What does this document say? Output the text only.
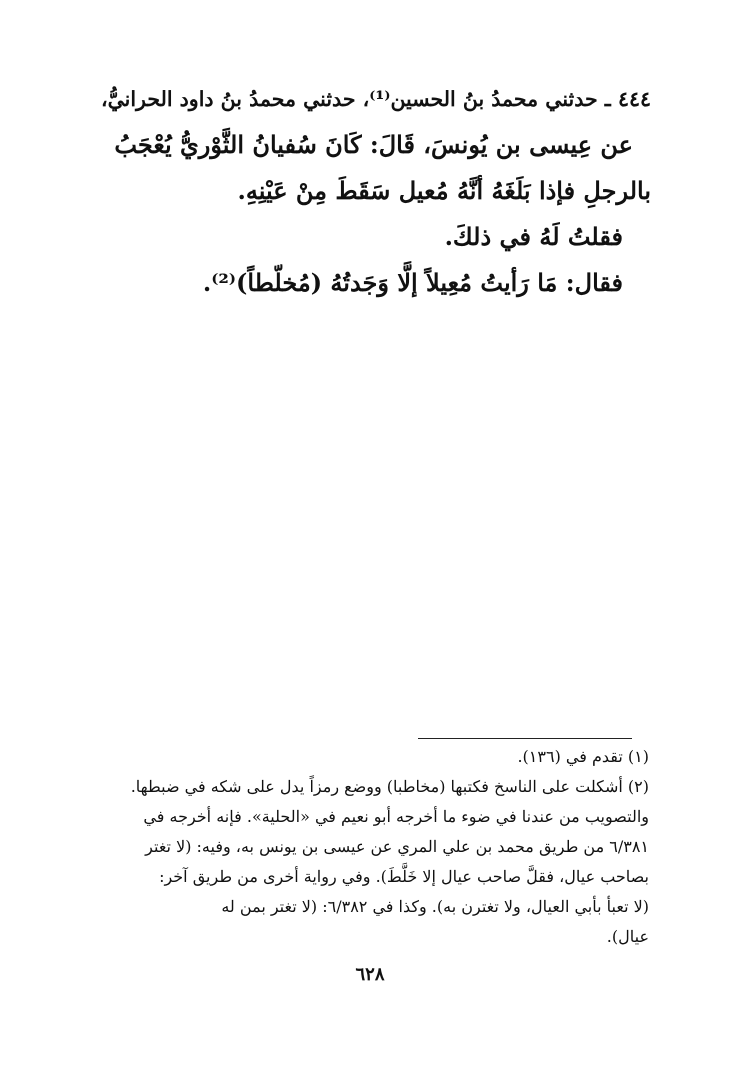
٤٤٤ ـ حدثني محمدُ بنُ الحسين⁽¹⁾، حدثني محمدُ بنُ داود الحرانيُّ،

عن عِيسى بن يُونسَ، قَالَ: كَانَ سُفيانُ الثَّوْريُّ يُعْجَبُ

بالرجلِ فإذا بَلَغَهُ أنَّهُ مُعيل سَقَطَ مِنْ عَيْنِهِ.

فقلتُ لَهُ في ذلكَ.

فقال: مَا رَأيتُ مُعِيلاً إلَّا وَجَدتُهُ (مُخلّطاً)⁽²⁾.

(١) تقدم في (١٣٦).

(٢) أشكلت على الناسخ فكتبها (مخاطبا) ووضع رمزاً يدل على شكه في ضبطها.

والتصويب من عندنا في ضوء ما أخرجه أبو نعيم في «الحلية». فإنه أخرجه في

٦/٣٨١ من طريق محمد بن علي المري عن عيسى بن يونس به، وفيه: (لا تغتر

بصاحب عيال، فقلَّ صاحب عيال إلا خَلَّطَ). وفي رواية أخرى من طريق آخر:

(لا تعبأ بأبي العيال، ولا تغترن به). وكذا في ٦/٣٨٢: (لا تغتر بمن له

عيال).

٦٢٨
